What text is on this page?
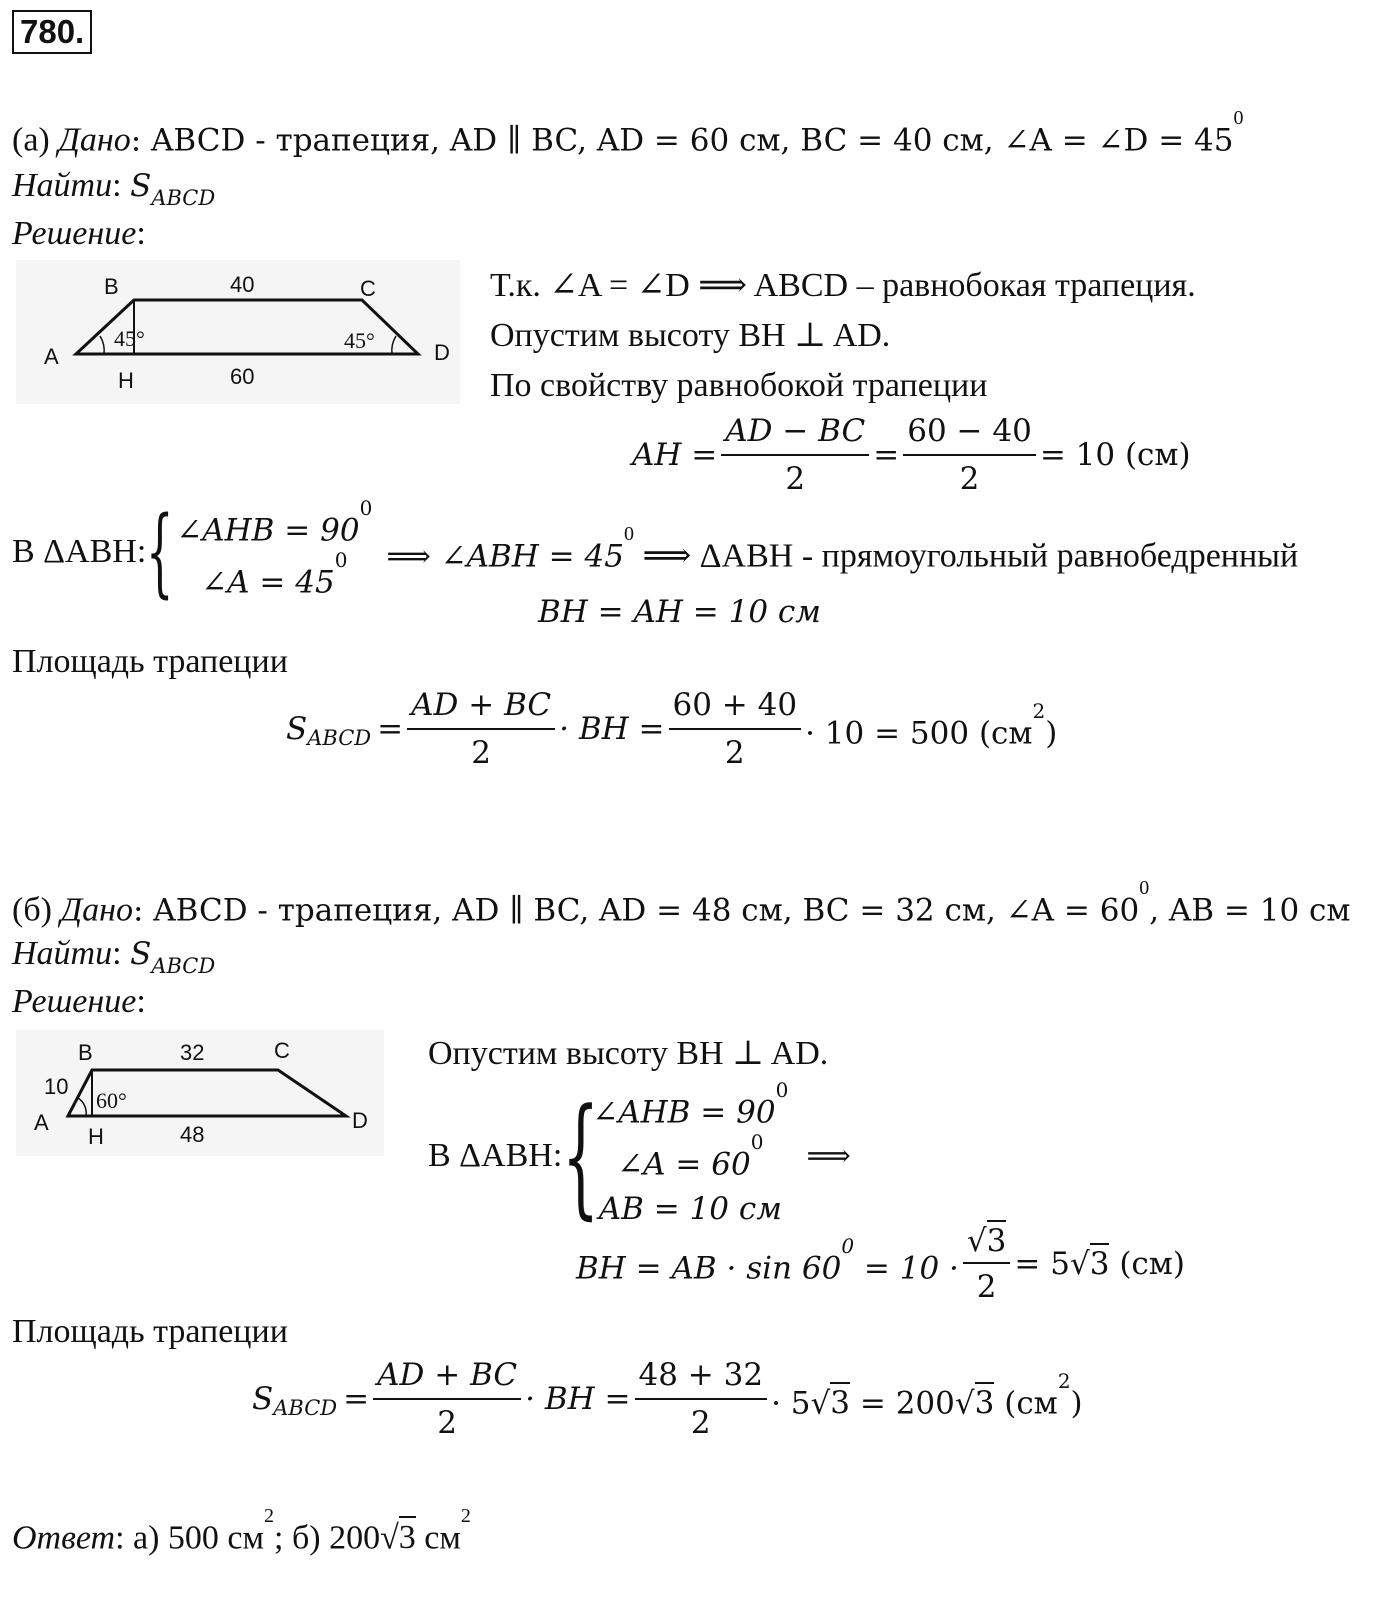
780.
(а) Дано: ABCD - трапеция, AD ∥ BC, AD = 60 см, BC = 40 см, ∠A = ∠D = $45^0$
Найти: $S_{ABCD}$
Решение:
B	40	C
A	D
H	60
45°	45°
Т.к. ∠A = ∠D ⟹ ABCD – равнобокая трапеция.
Опустим высоту BH ⊥ AD.
По свойству равнобокой трапеции
AH = $\frac{AD - BC}{2} = \frac{60 - 40}{2} = 10$ (см)
В ΔABH: { ∠AHB = $90^0$
∠A = $45^0$ ⟹ ∠ABH = $45^0$ ⟹ ΔABH - прямоугольный равнобедренный
BH = AH = 10 см
Площадь трапеции
S ABCD = $\frac{AD + BC}{2}$ · BH = $\frac{60 + 40}{2} \cdot 10 = 500$ $(см^2)$
(б) Дано: ABCD - трапеция, AD ∥ BC, AD = 48 см, BC = 32 см, ∠A = $60^0$, AB = 10 см
Найти: $S_{ABCD}$
Решение:
B	32	C
10
60°
A	D
H	48
Опустим высоту BH ⊥ AD.
В ΔABH: {
∠AHB = $90^0$
∠A = $60^0$
AB = 10 см
⟹
BH = AB · $\sin 60^0 = 10 \cdot \frac{√3}{2} = 5√3$ (см)
Площадь трапеции
S ABCD = $\frac{AD + BC}{2}$ · BH = $\frac{48 + 32}{2} \cdot 5√3 = 200√3$ $(см^2)$
Ответ: а) 500 $см^2$; б) 200√3 $см^2$
